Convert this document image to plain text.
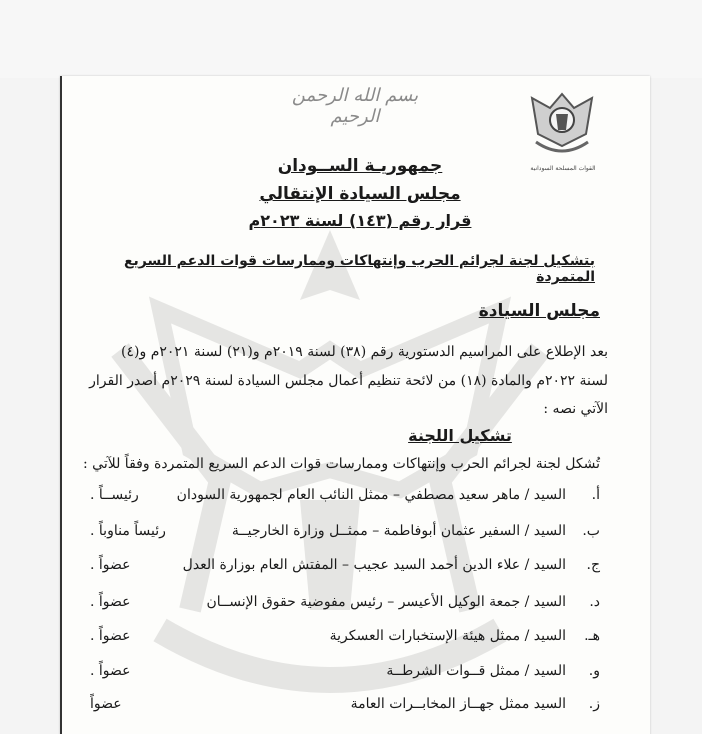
بسم الله الرحمن الرحيم
القوات المسلحة السودانية
جمهوريـة الســودان
مجلس السيادة الإنتقالي
قرار رقم (١٤٣) لسنة ٢٠٢٣م
بتشكيل لجنة لجرائم الحرب وإنتهاكات وممارسات قوات الدعم السريع المتمردة
مجلس السيادة
بعد الإطلاع على المراسيم الدستورية رقم (٣٨) لسنة ٢٠١٩م و(٢١) لسنة ٢٠٢١م و(٤)
لسنة ٢٠٢٢م والمادة (١٨) من لائحة تنظيم أعمال مجلس السيادة لسنة ٢٠٢٩م أصدر القرار
الآتي نصه :
تشكيل اللجنة
تُشكل لجنة لجرائم الحرب وإنتهاكات وممارسات قوات الدعم السريع المتمردة وفقاً للآتي :
أ.
السيد / ماهر سعيد مصطفي – ممثل النائب العام لجمهورية السودان
رئيســاً .
ب.
السيد / السفير عثمان أبوفاطمة – ممثــل وزارة الخارجيــة
رئيساً مناوباً .
ج.
السيد / علاء الدين أحمد السيد عجيب – المفتش العام بوزارة العدل
عضواً .
د.
السيد / جمعة الوكيل الأعيسر – رئيس مفوضية حقوق الإنســان
عضواً .
هـ.
السيد / ممثل هيئة الإستخبارات العسكرية
عضواً .
و.
السيد / ممثل قــوات الشرطــة
عضواً .
ز.
السيد ممثل جهــاز المخابــرات العامة
عضواً
